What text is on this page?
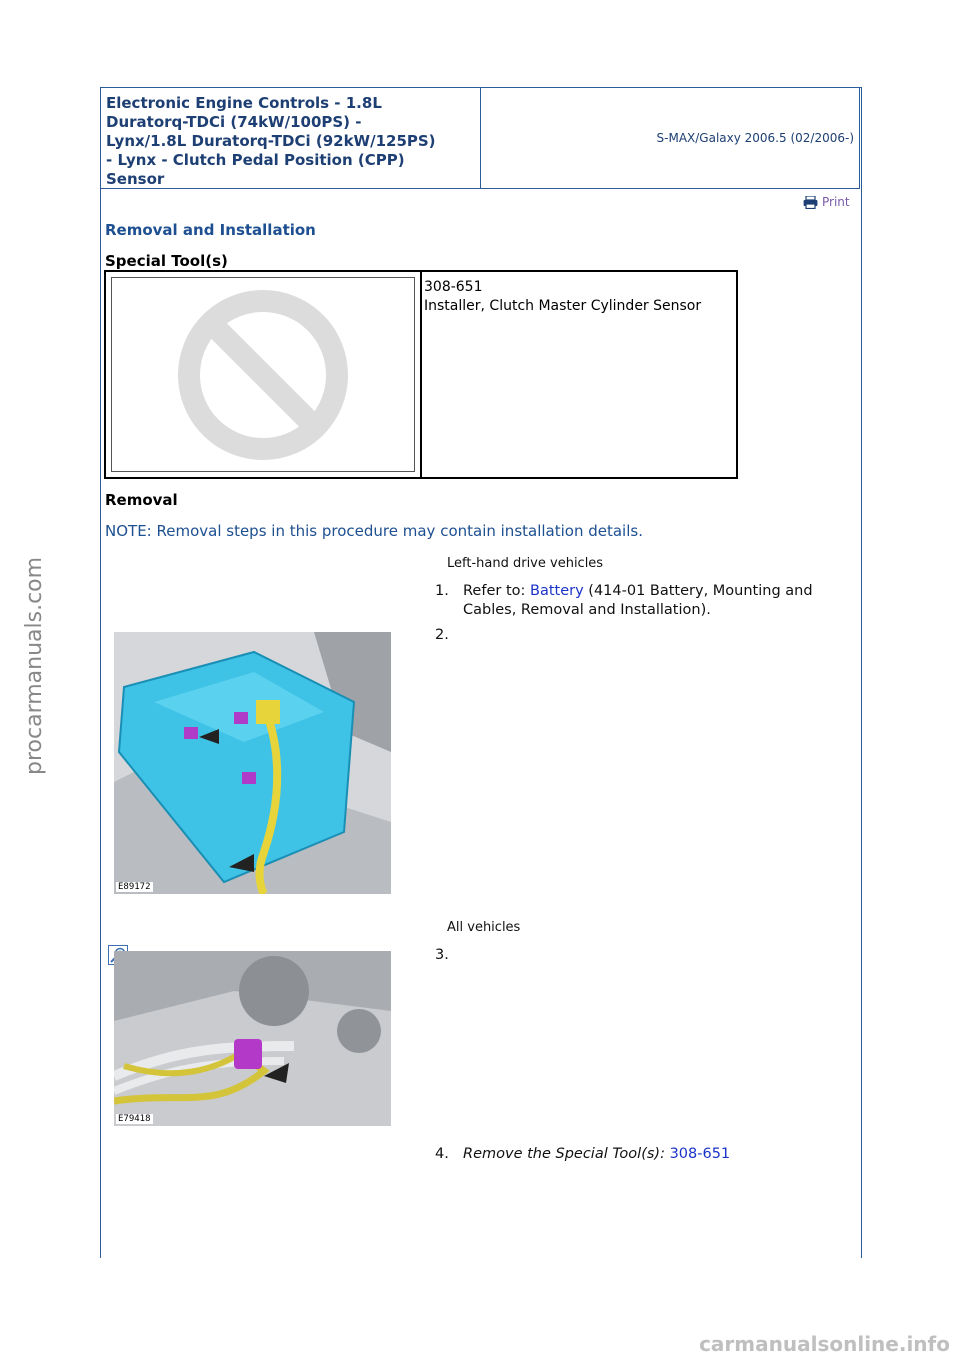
Electronic Engine Controls - 1.8L
Duratorq-TDCi (74kW/100PS) -
Lynx/1.8L Duratorq-TDCi (92kW/125PS)
- Lynx - Clutch Pedal Position (CPP)
Sensor
S-MAX/Galaxy 2006.5 (02/2006-)
Print
Removal and Installation
Special Tool(s)
308-651
Installer, Clutch Master Cylinder Sensor
Removal
NOTE: Removal steps in this procedure may contain installation details.
Left-hand drive vehicles
1. Refer to: Battery (414-01 Battery, Mounting and
Cables, Removal and Installation).
2.
E89172
All vehicles
3.
E79418
4. Remove the Special Tool(s): 308-651
procarmanuals.com
carmanualsonline.info
